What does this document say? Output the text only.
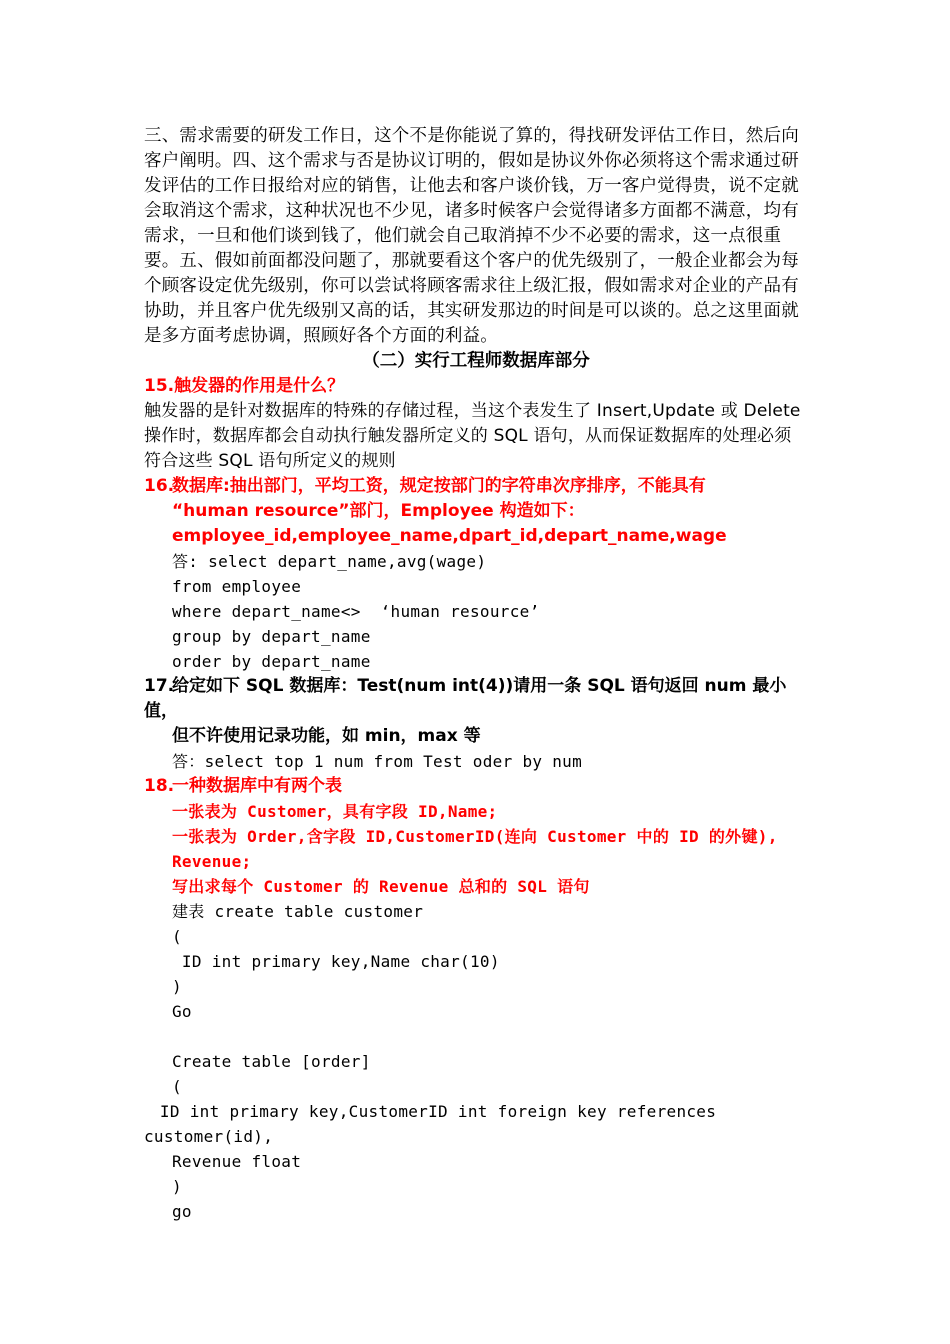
三、需求需要的研发工作日，这个不是你能说了算的，得找研发评估工作日，然后向客户阐明。四、这个需求与否是协议订明的，假如是协议外你必须将这个需求通过研发评估的工作日报给对应的销售，让他去和客户谈价钱，万一客户觉得贵，说不定就会取消这个需求，这种状况也不少见，诸多时候客户会觉得诸多方面都不满意，均有需求，一旦和他们谈到钱了，他们就会自己取消掉不少不必要的需求，这一点很重要。五、假如前面都没问题了，那就要看这个客户的优先级别了，一般企业都会为每个顾客设定优先级别，你可以尝试将顾客需求往上级汇报，假如需求对企业的产品有协助，并且客户优先级别又高的话，其实研发那边的时间是可以谈的。总之这里面就是多方面考虑协调，照顾好各个方面的利益。

（二）实行工程师数据库部分

15.触发器的作用是什么？

触发器的是针对数据库的特殊的存储过程，当这个表发生了 Insert,Update 或 Delete 操作时，数据库都会自动执行触发器所定义的 SQL 语句，从而保证数据库的处理必须符合这些 SQL 语句所定义的规则

16.数据库:抽出部门，平均工资，规定按部门的字符串次序排序，不能具有

“human resource”部门，Employee 构造如下：

employee_id,employee_name,dpart_id,depart_name,wage

答: select depart_name,avg(wage)

from employee

where depart_name<>  ‘human resource’

group by depart_name

order by depart_name

17.给定如下 SQL 数据库：Test(num int(4))请用一条 SQL 语句返回 num 最小值，

但不许使用记录功能，如 min，max 等

答：select top 1 num from Test oder by num

18.一种数据库中有两个表

一张表为 Customer，具有字段 ID,Name;

一张表为 Order,含字段 ID,CustomerID(连向 Customer 中的 ID 的外键),

Revenue;

写出求每个 Customer 的 Revenue 总和的 SQL 语句

建表 create table customer

(

ID int primary key,Name char(10)

)

Go

Create table [order]

(

ID int primary key,CustomerID int foreign key references

customer(id),

Revenue float

)

go
